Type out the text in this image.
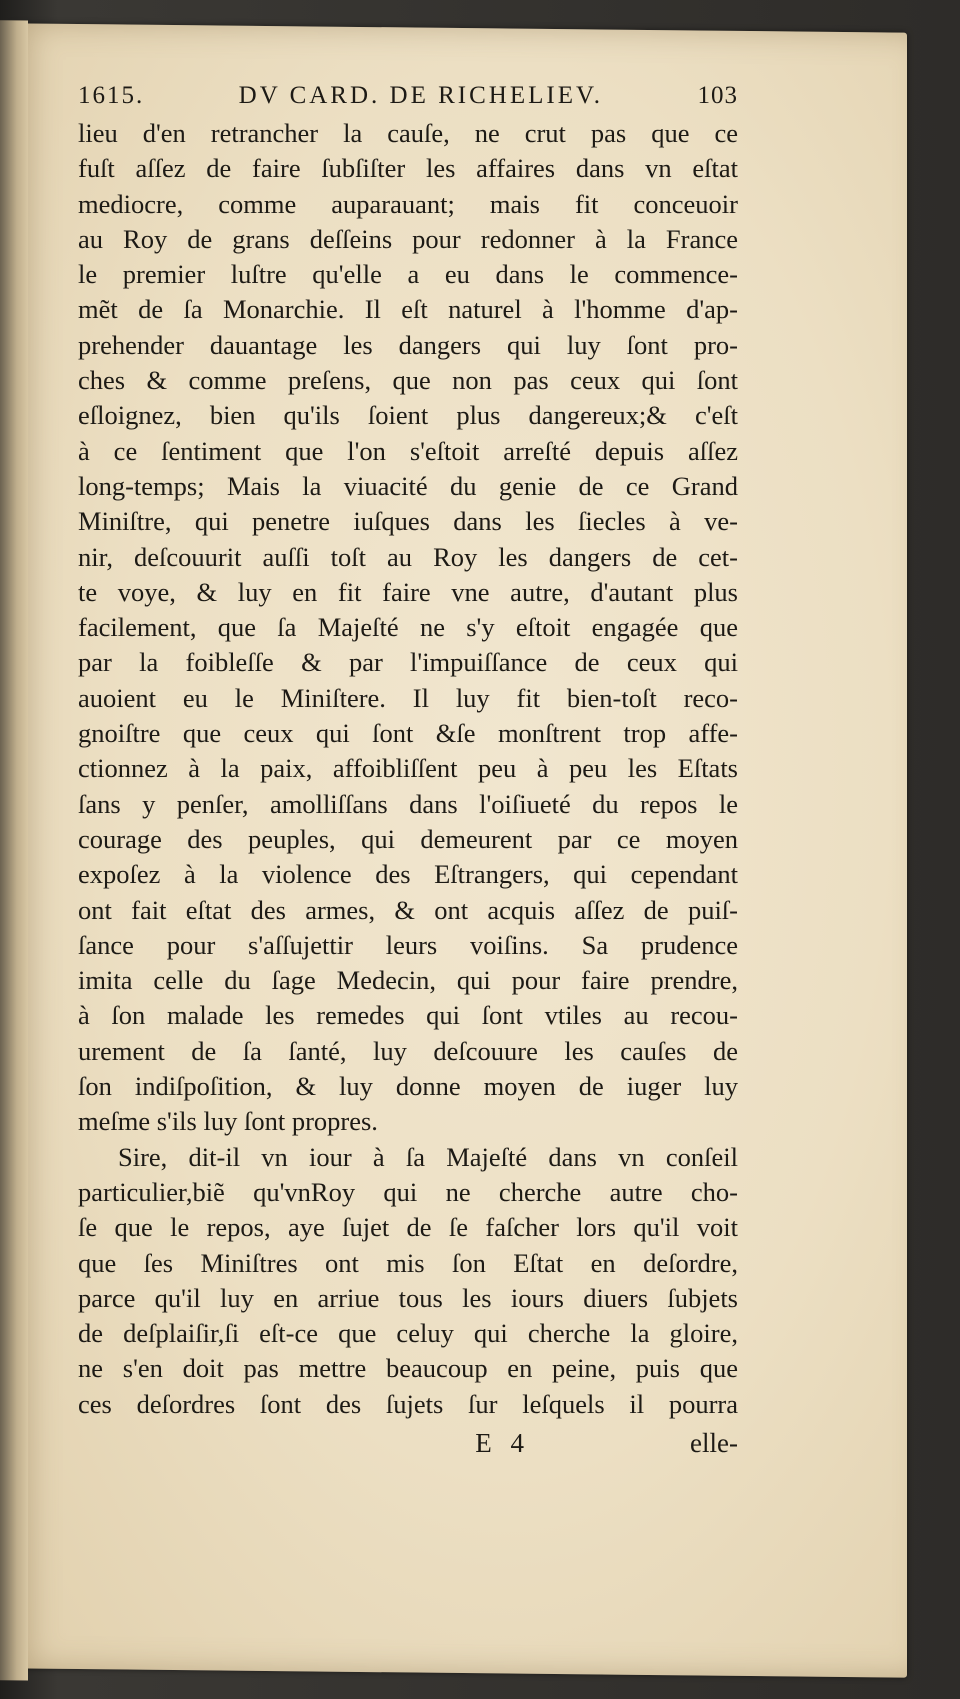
1615.	DV CARD. DE RICHELIEV.	103
lieu d'en retrancher la cauſe, ne crut pas que ce
fuſt aſſez de faire ſubſiſter les affaires dans vn eſtat
mediocre, comme auparauant; mais fit conceuoir
au Roy de grans deſſeins pour redonner à la France
le premier luſtre qu'elle a eu dans le commence-
mẽt de ſa Monarchie. Il eſt naturel à l'homme d'ap-
prehender dauantage les dangers qui luy ſont pro-
ches & comme preſens, que non pas ceux qui ſont
eſloignez, bien qu'ils ſoient plus dangereux;& c'eſt
à ce ſentiment que l'on s'eſtoit arreſté depuis aſſez
long-temps; Mais la viuacité du genie de ce Grand
Miniſtre, qui penetre iuſques dans les ſiecles à ve-
nir, deſcouurit auſſi toſt au Roy les dangers de cet-
te voye, & luy en fit faire vne autre, d'autant plus
facilement, que ſa Majeſté ne s'y eſtoit engagée que
par la foibleſſe & par l'impuiſſance de ceux qui
auoient eu le Miniſtere. Il luy fit bien-toſt reco-
gnoiſtre que ceux qui ſont &ſe monſtrent trop affe-
ctionnez à la paix, affoibliſſent peu à peu les Eſtats
ſans y penſer, amolliſſans dans l'oiſiueté du repos le
courage des peuples, qui demeurent par ce moyen
expoſez à la violence des Eſtrangers, qui cependant
ont fait eſtat des armes, & ont acquis aſſez de puiſ-
ſance pour s'aſſujettir leurs voiſins. Sa prudence
imita celle du ſage Medecin, qui pour faire prendre,
à ſon malade les remedes qui ſont vtiles au recou-
urement de ſa ſanté, luy deſcouure les cauſes de
ſon indiſpoſition, & luy donne moyen de iuger luy
meſme s'ils luy ſont propres.
Sire, dit-il vn iour à ſa Majeſté dans vn conſeil
particulier,biẽ qu'vnRoy qui ne cherche autre cho-
ſe que le repos, aye ſujet de ſe faſcher lors qu'il voit
que ſes Miniſtres ont mis ſon Eſtat en deſordre,
parce qu'il luy en arriue tous les iours diuers ſubjets
de deſplaiſir,ſi eſt-ce que celuy qui cherche la gloire,
ne s'en doit pas mettre beaucoup en peine, puis que
ces deſordres ſont des ſujets ſur leſquels il pourra
E 4	elle-
